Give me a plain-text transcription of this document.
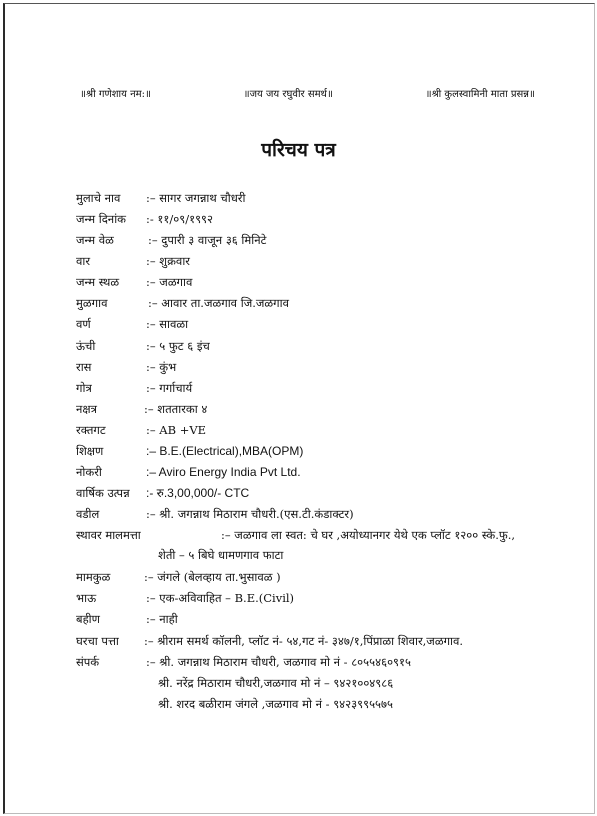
॥श्री गणेशाय नम:॥	॥जय जय रघुवीर समर्थ॥	॥श्री कुलस्वामिनी माता प्रसन्न॥
परिचय पत्र
मुलाचे नाव :– सागर जगन्नाथ चौधरी
जन्म दिनांक :- ११/०९/१९९२
जन्म वेळ	:– दुपारी ३ वाजून ३६ मिनिटे
वार	:– शुक्रवार
जन्म स्थळ :– जळगाव
मुळगाव	:– आवार ता.जळगाव जि.जळगाव
वर्ण	:– सावळा
ऊंची	:– ५ फुट ६ इंच
रास	:– कुंभ
गोत्र	:– गर्गाचार्य
नक्षत्र	:– शततारका ४
रक्तगट	:– AB +VE
शिक्षण	:– B.E.(Electrical),MBA(OPM)
नोकरी	:– Aviro Energy India Pvt Ltd.
वार्षिक उत्पन्न :- रु.3,00,000/- CTC
वडील	:– श्री. जगन्नाथ मिठाराम चौधरी.(एस.टी.कंडाक्टर)
स्थावर मालमत्ता	:– जळगाव ला स्वत: चे घर ,अयोध्यानगर येथे एक प्लॉट १२०० स्के.फु.,
शेती – ५ बिघे धामणगाव फाटा
मामकुळ	:– जंगले (बेलव्हाय ता.भुसावळ )
भाऊ	:– एक-अविवाहित – B.E.(Civil)
बहीण	:– नाही
घरचा पत्ता :– श्रीराम समर्थ कॉलनी, प्लॉट नं- ५४,गट नं- ३४७/१,पिंप्राळा शिवार,जळगाव.
संपर्क	:– श्री. जगन्नाथ मिठाराम चौधरी, जळगाव मो नं - ८०५५४६०९१५
श्री. नरेंद्र मिठाराम चौधरी,जळगाव मो नं – ९४२१००४९८६
श्री. शरद बळीराम जंगले ,जळगाव मो नं - ९४२३९९५५७५
